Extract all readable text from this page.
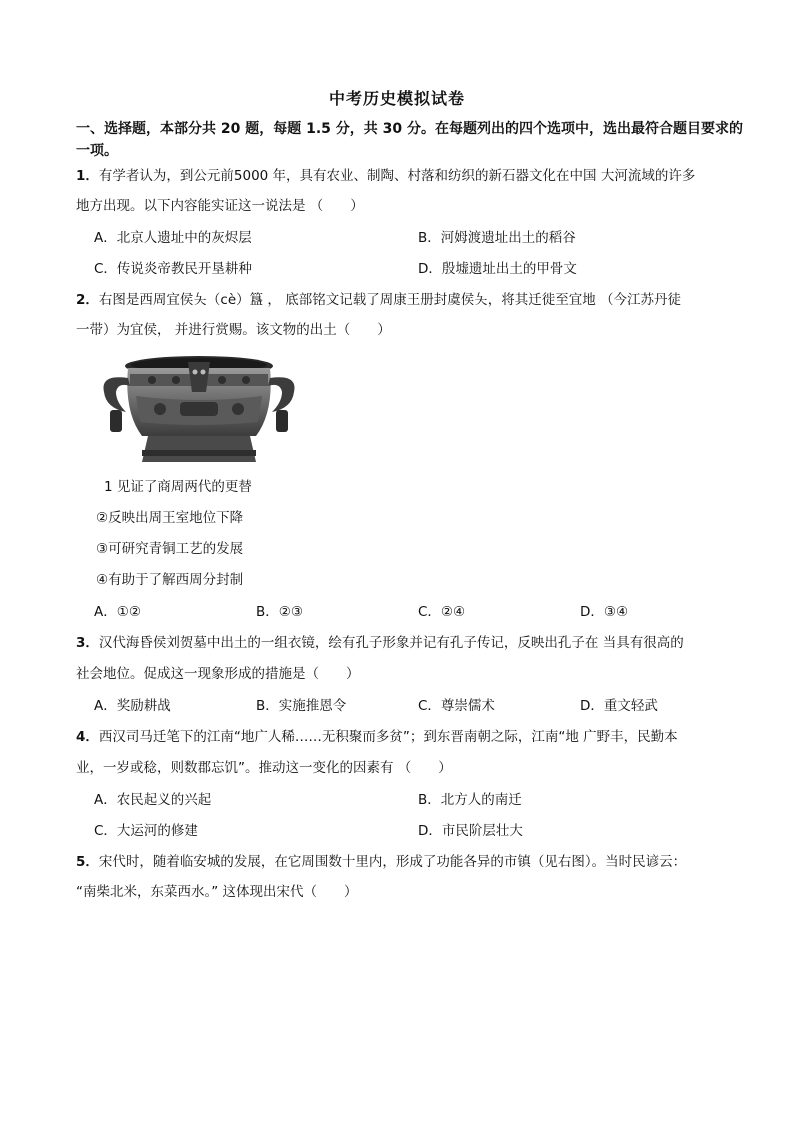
中考历史模拟试卷
一、选择题，本部分共 20 题，每题 1.5 分，共 30 分。在每题列出的四个选项中，选出最符合题目要求的一项。
1．有学者认为，到公元前5000 年，具有农业、制陶、村落和纺织的新石器文化在中国 大河流域的许多
地方出现。以下内容能实证这一说法是 （　　）
A．北京人遗址中的灰烬层	B．河姆渡遗址出土的稻谷
C．传说炎帝教民开垦耕种	D．殷墟遗址出土的甲骨文
2．右图是西周宜侯夨（cè）簋 ， 底部铭文记载了周康王册封虞侯夨，将其迁徙至宜地 （今江苏丹徒
一带）为宜侯， 并进行赏赐。该文物的出土（　　）
1 见证了商周两代的更替
②反映出周王室地位下降
③可研究青铜工艺的发展
④有助于了解西周分封制
A．①②	B．②③	C．②④	D．③④
3．汉代海昏侯刘贺墓中出土的一组衣镜，绘有孔子形象并记有孔子传记，反映出孔子在 当具有很高的
社会地位。促成这一现象形成的措施是（　　）
A．奖励耕战	B．实施推恩令	C．尊崇儒术	D．重文轻武
4．西汉司马迁笔下的江南“地广人稀……无积聚而多贫”；到东晋南朝之际，江南“地 广野丰，民勤本
业，一岁或稔，则数郡忘饥”。推动这一变化的因素有 （　　）
A．农民起义的兴起	B．北方人的南迁
C．大运河的修建	D．市民阶层壮大
5．宋代时，随着临安城的发展，在它周围数十里内，形成了功能各异的市镇（见右图）。当时民谚云：
“南柴北米，东菜西水。” 这体现出宋代（　　）
